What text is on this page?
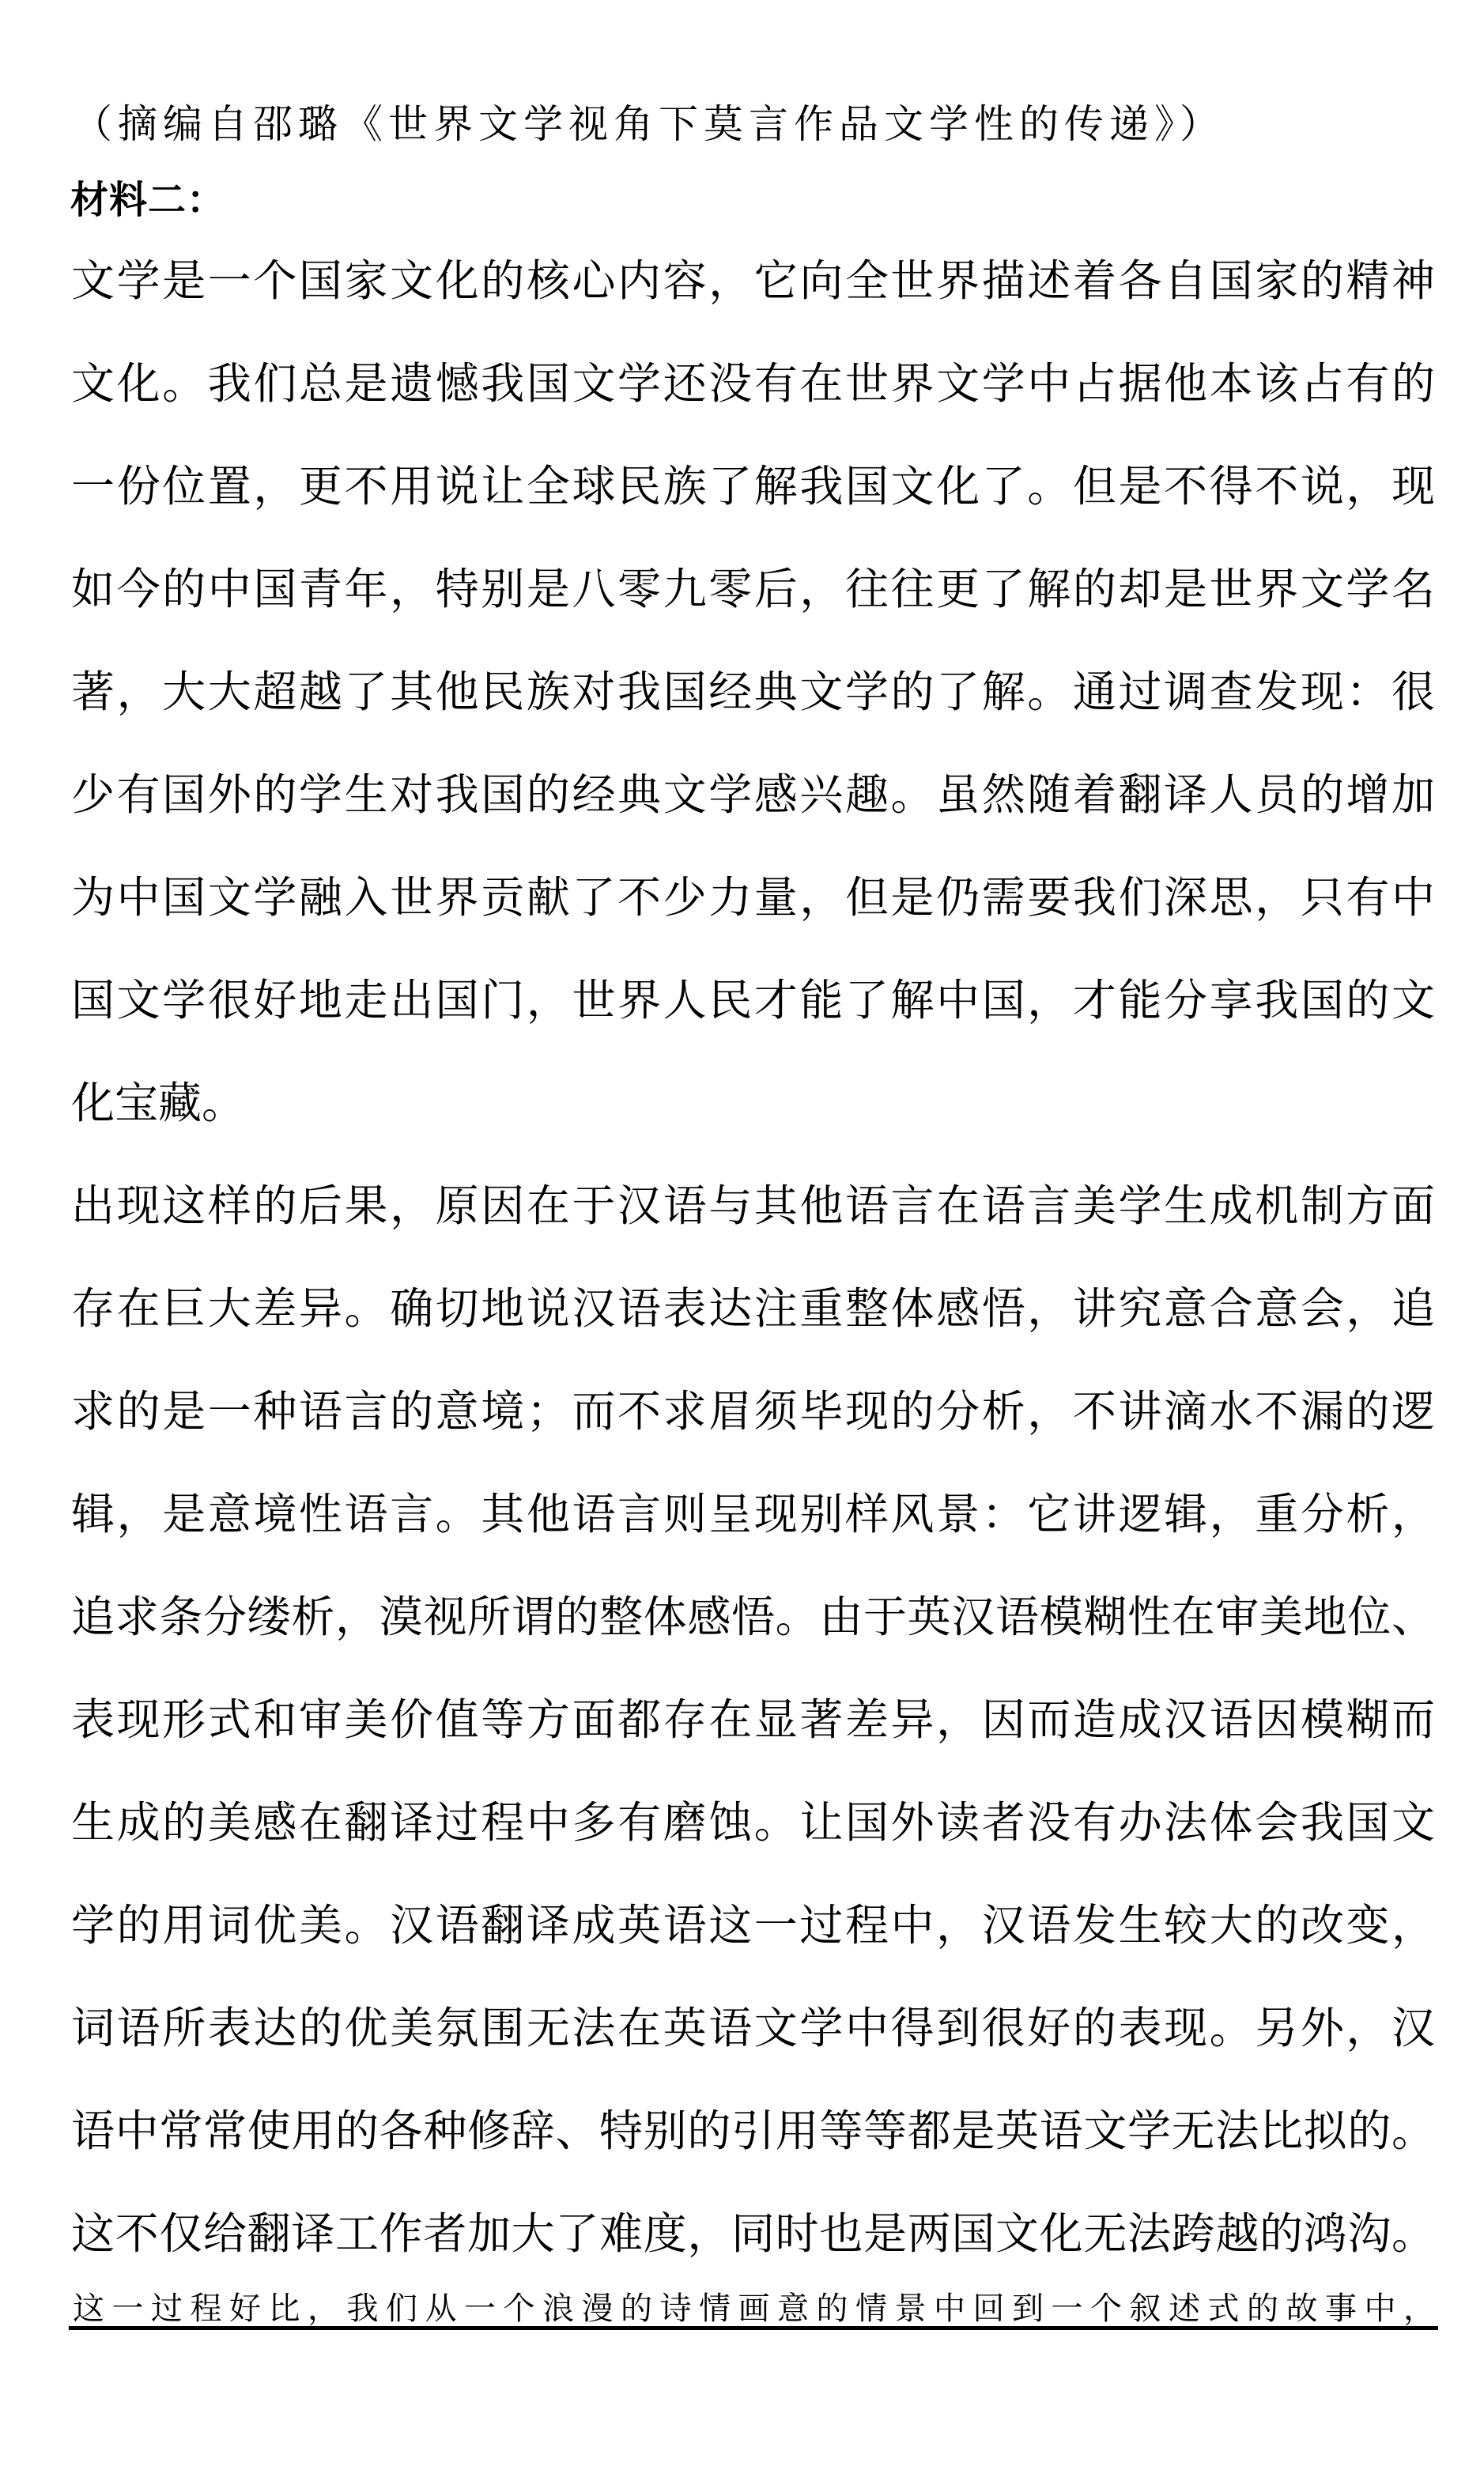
（摘编自邵璐《世界文学视角下莫言作品文学性的传递》）
材料二：
文学是一个国家文化的核心内容，它向全世界描述着各自国家的精神
文化。我们总是遗憾我国文学还没有在世界文学中占据他本该占有的
一份位置，更不用说让全球民族了解我国文化了。但是不得不说，现
如今的中国青年，特别是八零九零后，往往更了解的却是世界文学名
著，大大超越了其他民族对我国经典文学的了解。通过调查发现：很
少有国外的学生对我国的经典文学感兴趣。虽然随着翻译人员的增加
为中国文学融入世界贡献了不少力量，但是仍需要我们深思，只有中
国文学很好地走出国门，世界人民才能了解中国，才能分享我国的文
化宝藏。
出现这样的后果，原因在于汉语与其他语言在语言美学生成机制方面
存在巨大差异。确切地说汉语表达注重整体感悟，讲究意合意会，追
求的是一种语言的意境；而不求眉须毕现的分析，不讲滴水不漏的逻
辑，是意境性语言。其他语言则呈现别样风景：它讲逻辑，重分析，
追求条分缕析，漠视所谓的整体感悟。由于英汉语模糊性在审美地位、
表现形式和审美价值等方面都存在显著差异，因而造成汉语因模糊而
生成的美感在翻译过程中多有磨蚀。让国外读者没有办法体会我国文
学的用词优美。汉语翻译成英语这一过程中，汉语发生较大的改变，
词语所表达的优美氛围无法在英语文学中得到很好的表现。另外，汉
语中常常使用的各种修辞、特别的引用等等都是英语文学无法比拟的。
这不仅给翻译工作者加大了难度，同时也是两国文化无法跨越的鸿沟。
这一过程好比，我们从一个浪漫的诗情画意的情景中回到一个叙述式的故事中，
